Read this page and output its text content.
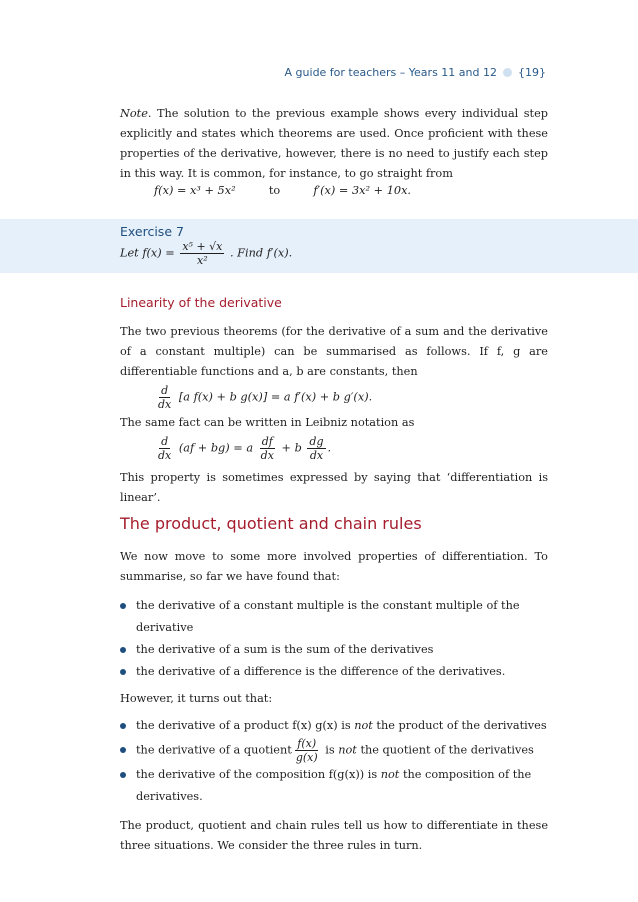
A guide for teachers – Years 11 and 12 {19}

Note. The solution to the previous example shows every individual step explicitly and states which theorems are used. Once proficient with these properties of the derivative, however, there is no need to justify each step in this way. It is common, for instance, to go straight from

f(x) = x³ + 5x²	to	f′(x) = 3x² + 10x.
Exercise 7
Let $f(x) = \frac{\text{x⁵ + √x}}{\text{x²}}$ . Find f′(x).
Linearity of the derivative

The two previous theorems (for the derivative of a sum and the derivative of a constant multiple) can be summarised as follows. If f, g are differentiable functions and a, b are constants, then

$\frac{d}{dx} [a$ f(x) + b g(x)] = a f′(x) + b g′(x).

The same fact can be written in Leibniz notation as

$\frac{d}{dx} (af + bg) = a \frac{df}{dx} + b \frac{dg}{dx}$ .

This property is sometimes expressed by saying that ‘differentiation is linear’.

The product, quotient and chain rules

We now move to some more involved properties of differentiation. To summarise, so far we have found that:

the derivative of a constant multiple is the constant multiple of the derivative
the derivative of a sum is the sum of the derivatives
the derivative of a difference is the difference of the derivatives.

However, it turns out that:

the derivative of a product f(x) g(x) is not the product of the derivatives
the derivative of a quotient $\frac{f(x)}{g(x)}$ is not the quotient of the derivatives
the derivative of the composition f(g(x)) is not the composition of the derivatives.

The product, quotient and chain rules tell us how to differentiate in these three situations. We consider the three rules in turn.
